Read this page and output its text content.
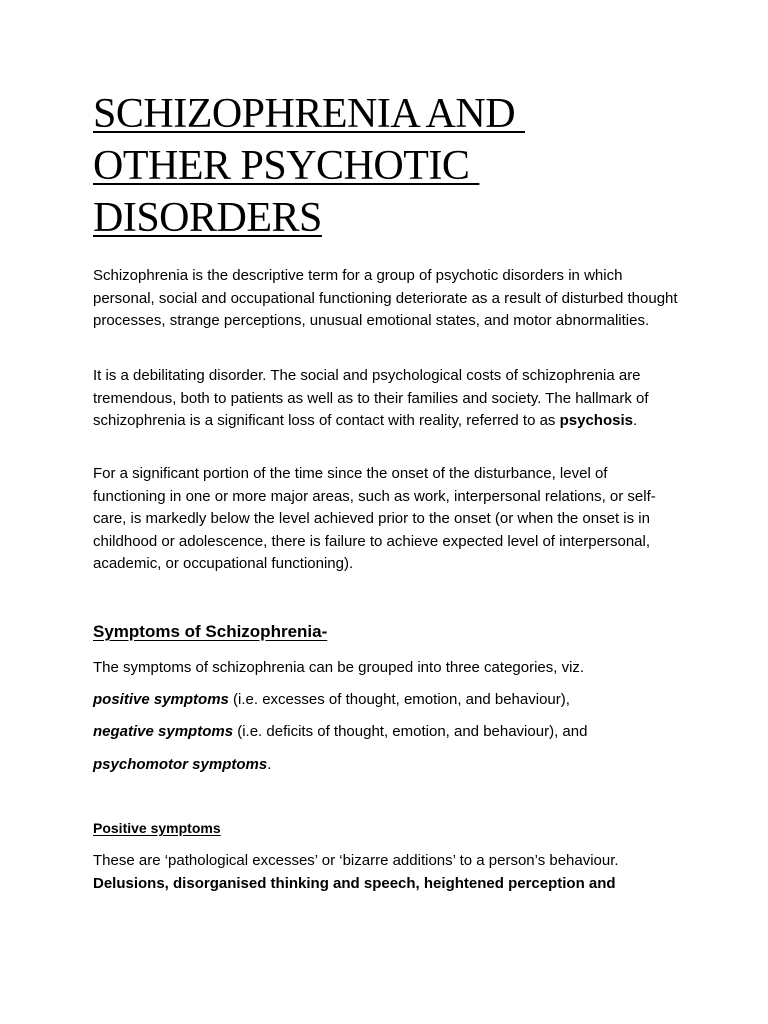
SCHIZOPHRENIA AND
OTHER PSYCHOTIC
DISORDERS

Schizophrenia is the descriptive term for a group of psychotic disorders in which personal, social and occupational functioning deteriorate as a result of disturbed thought processes, strange perceptions, unusual emotional states, and motor abnormalities.

It is a debilitating disorder. The social and psychological costs of schizophrenia are tremendous, both to patients as well as to their families and society. The hallmark of schizophrenia is a significant loss of contact with reality, referred to as psychosis.

For a significant portion of the time since the onset of the disturbance, level of functioning in one or more major areas, such as work, interpersonal relations, or self-care, is markedly below the level achieved prior to the onset (or when the onset is in childhood or adolescence, there is failure to achieve expected level of interpersonal, academic, or occupational functioning).

Symptoms of Schizophrenia-

The symptoms of schizophrenia can be grouped into three categories, viz.

positive symptoms (i.e. excesses of thought, emotion, and behaviour),

negative symptoms (i.e. deficits of thought, emotion, and behaviour), and

psychomotor symptoms.

Positive symptoms

These are ‘pathological excesses’ or ‘bizarre additions’ to a person’s behaviour.
Delusions, disorganised thinking and speech, heightened perception and
